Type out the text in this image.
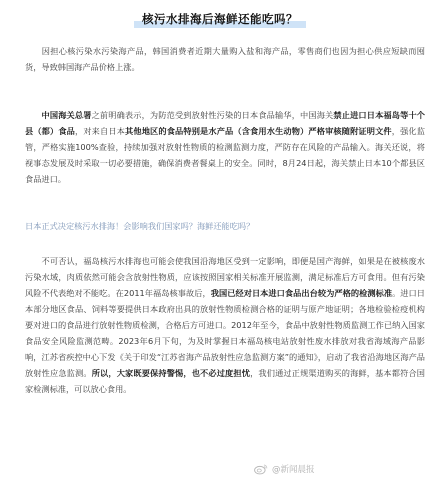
核污水排海后海鲜还能吃吗？

  因担心核污染水污染海产品，韩国消费者近期大量购入盐和海产品，零售商们也因为担心供应短缺而囤货，导致韩国海产品价格上涨。

  中国海关总署之前明确表示，为防范受到放射性污染的日本食品输华，中国海关禁止进口日本福岛等十个县（都）食品，对来自日本其他地区的食品特别是水产品（含食用水生动物）严格审核随附证明文件，强化监管，严格实施100%查验，持续加强对放射性物质的检测监测力度，严防存在风险的产品输入。海关还说，将视事态发展及时采取一切必要措施，确保消费者餐桌上的安全。同时，8月24日起，海关禁止日本10个都县区食品进口。

日本正式决定核污水排海！会影响我们国家吗？海鲜还能吃吗？

  不可否认，福岛核污水排海也可能会使我国沿海地区受到一定影响，即便是国产海鲜，如果是在被核废水污染水域，肉质依然可能会含放射性物质，应该按照国家相关标准开展监测，满足标准后方可食用。但有污染风险不代表绝对不能吃。在2011年福岛核事故后，我国已经对日本进口食品出台较为严格的检测标准。进口日本部分地区食品、饲料等要提供日本政府出具的放射性物质检测合格的证明与原产地证明；各地检验检疫机构要对进口的食品进行放射性物质检测，合格后方可进口。2012年至今，食品中放射性物质监测工作已纳入国家食品安全风险监测范畴。2023年6月下旬，为及时掌握日本福岛核电站放射性废水排放对我省海域海产品影响，江苏省疾控中心下发《关于印发“江苏省海产品放射性应急监测方案”的通知》，启动了我省沿海地区海产品放射性应急监测。所以，大家既要保持警惕，也不必过度担忧，我们通过正规渠道购买的海鲜，基本都符合国家检测标准，可以放心食用。

@新闻晨报
